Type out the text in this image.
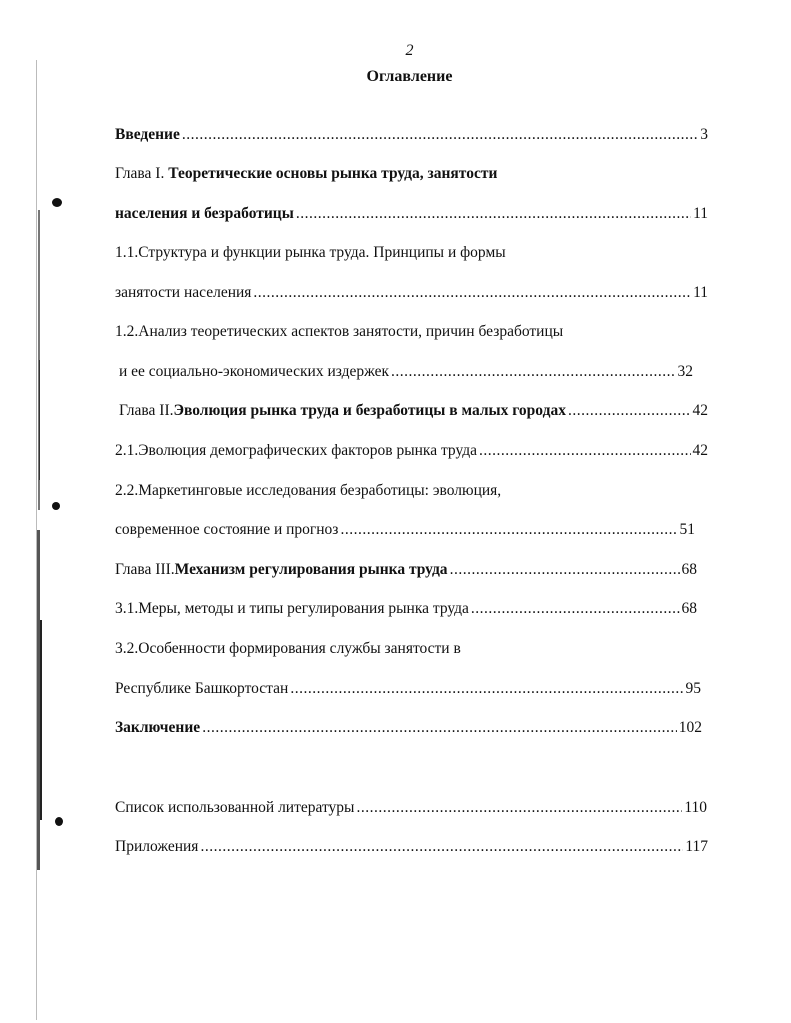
2
Оглавление
Введение .....	3
Глава I. Теоретические основы рынка труда, занятости
населения и безработицы .....	11
1.1.Структура и функции рынка труда. Принципы и формы
занятости населения .....	11
1.2.Анализ теоретических аспектов занятости, причин безработицы
и ее социально-экономических издержек .....	32
Глава II. Эволюция рынка труда и безработицы в малых городах .....	42
2.1.Эволюция демографических факторов рынка труда .....	42
2.2.Маркетинговые исследования безработицы: эволюция,
современное состояние и прогноз .....	51
Глава III. Механизм регулирования рынка труда .....	68
3.1.Меры, методы и типы регулирования рынка труда .....	68
3.2.Особенности формирования службы занятости в
Республике Башкортостан .....	95
Заключение .....	102
Список использованной литературы .....	110
Приложения .....	117
